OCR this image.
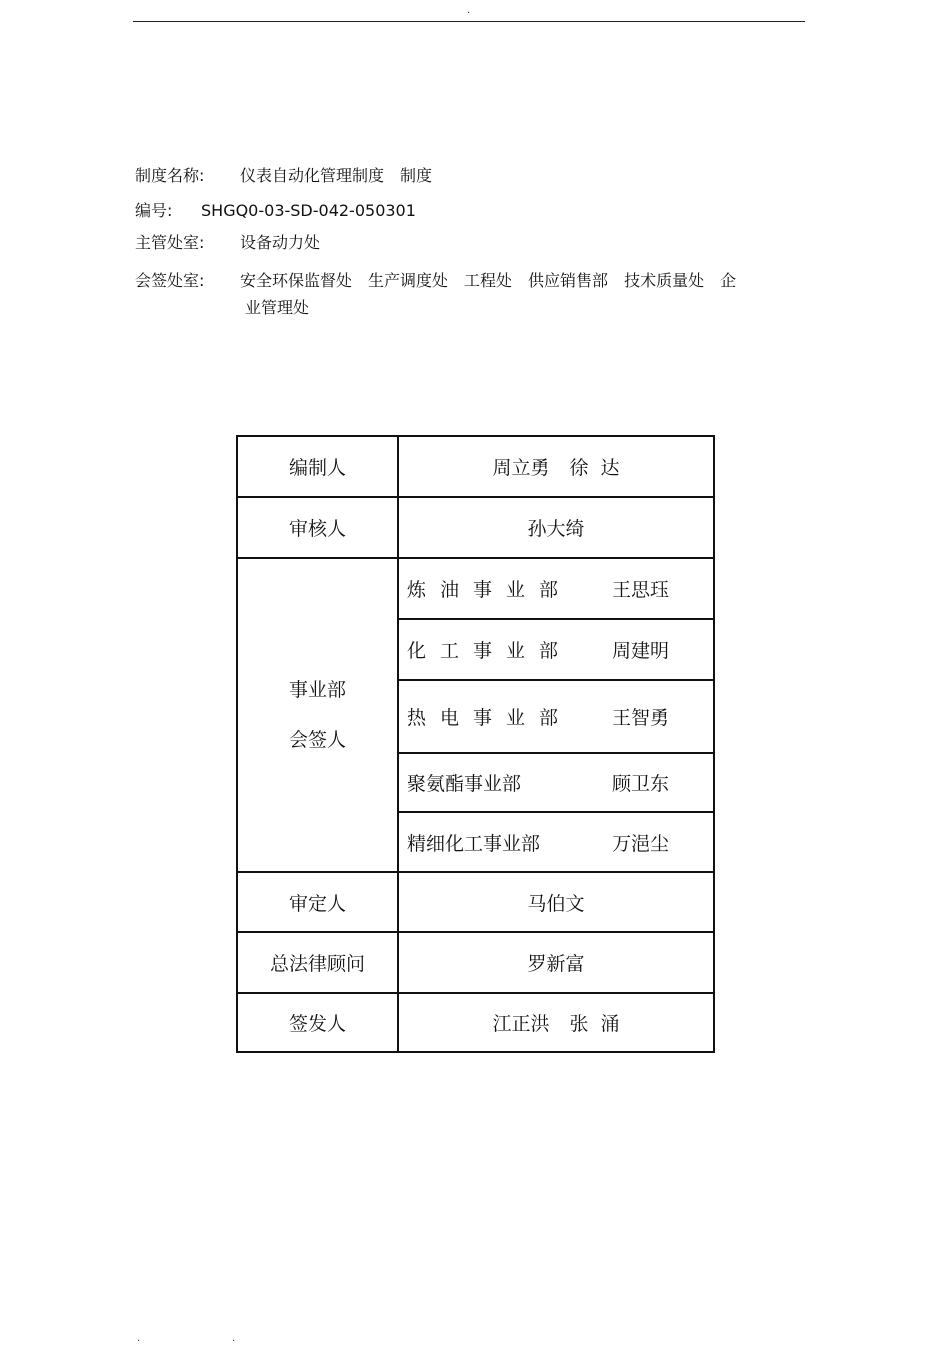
.
制度名称: 仪表自动化管理制度 制度
编号: SHGQ0-03-SD-042-050301
主管处室: 设备动力处
会签处室: 安全环保监督处 生产调度处 工程处 供应销售部 技术质量处 企
业管理处
编制人	周立勇 徐  达
审核人	孙大绮

事业部
会签人	炼油事业部 王思珏
	化工事业部 周建明
	热电事业部 王智勇
	聚氨酯事业部 顾卫东
	精细化工事业部 万浥尘
审定人	马伯文
总法律顾问	罗新富
签发人	江正洪 张  涌
.	.
